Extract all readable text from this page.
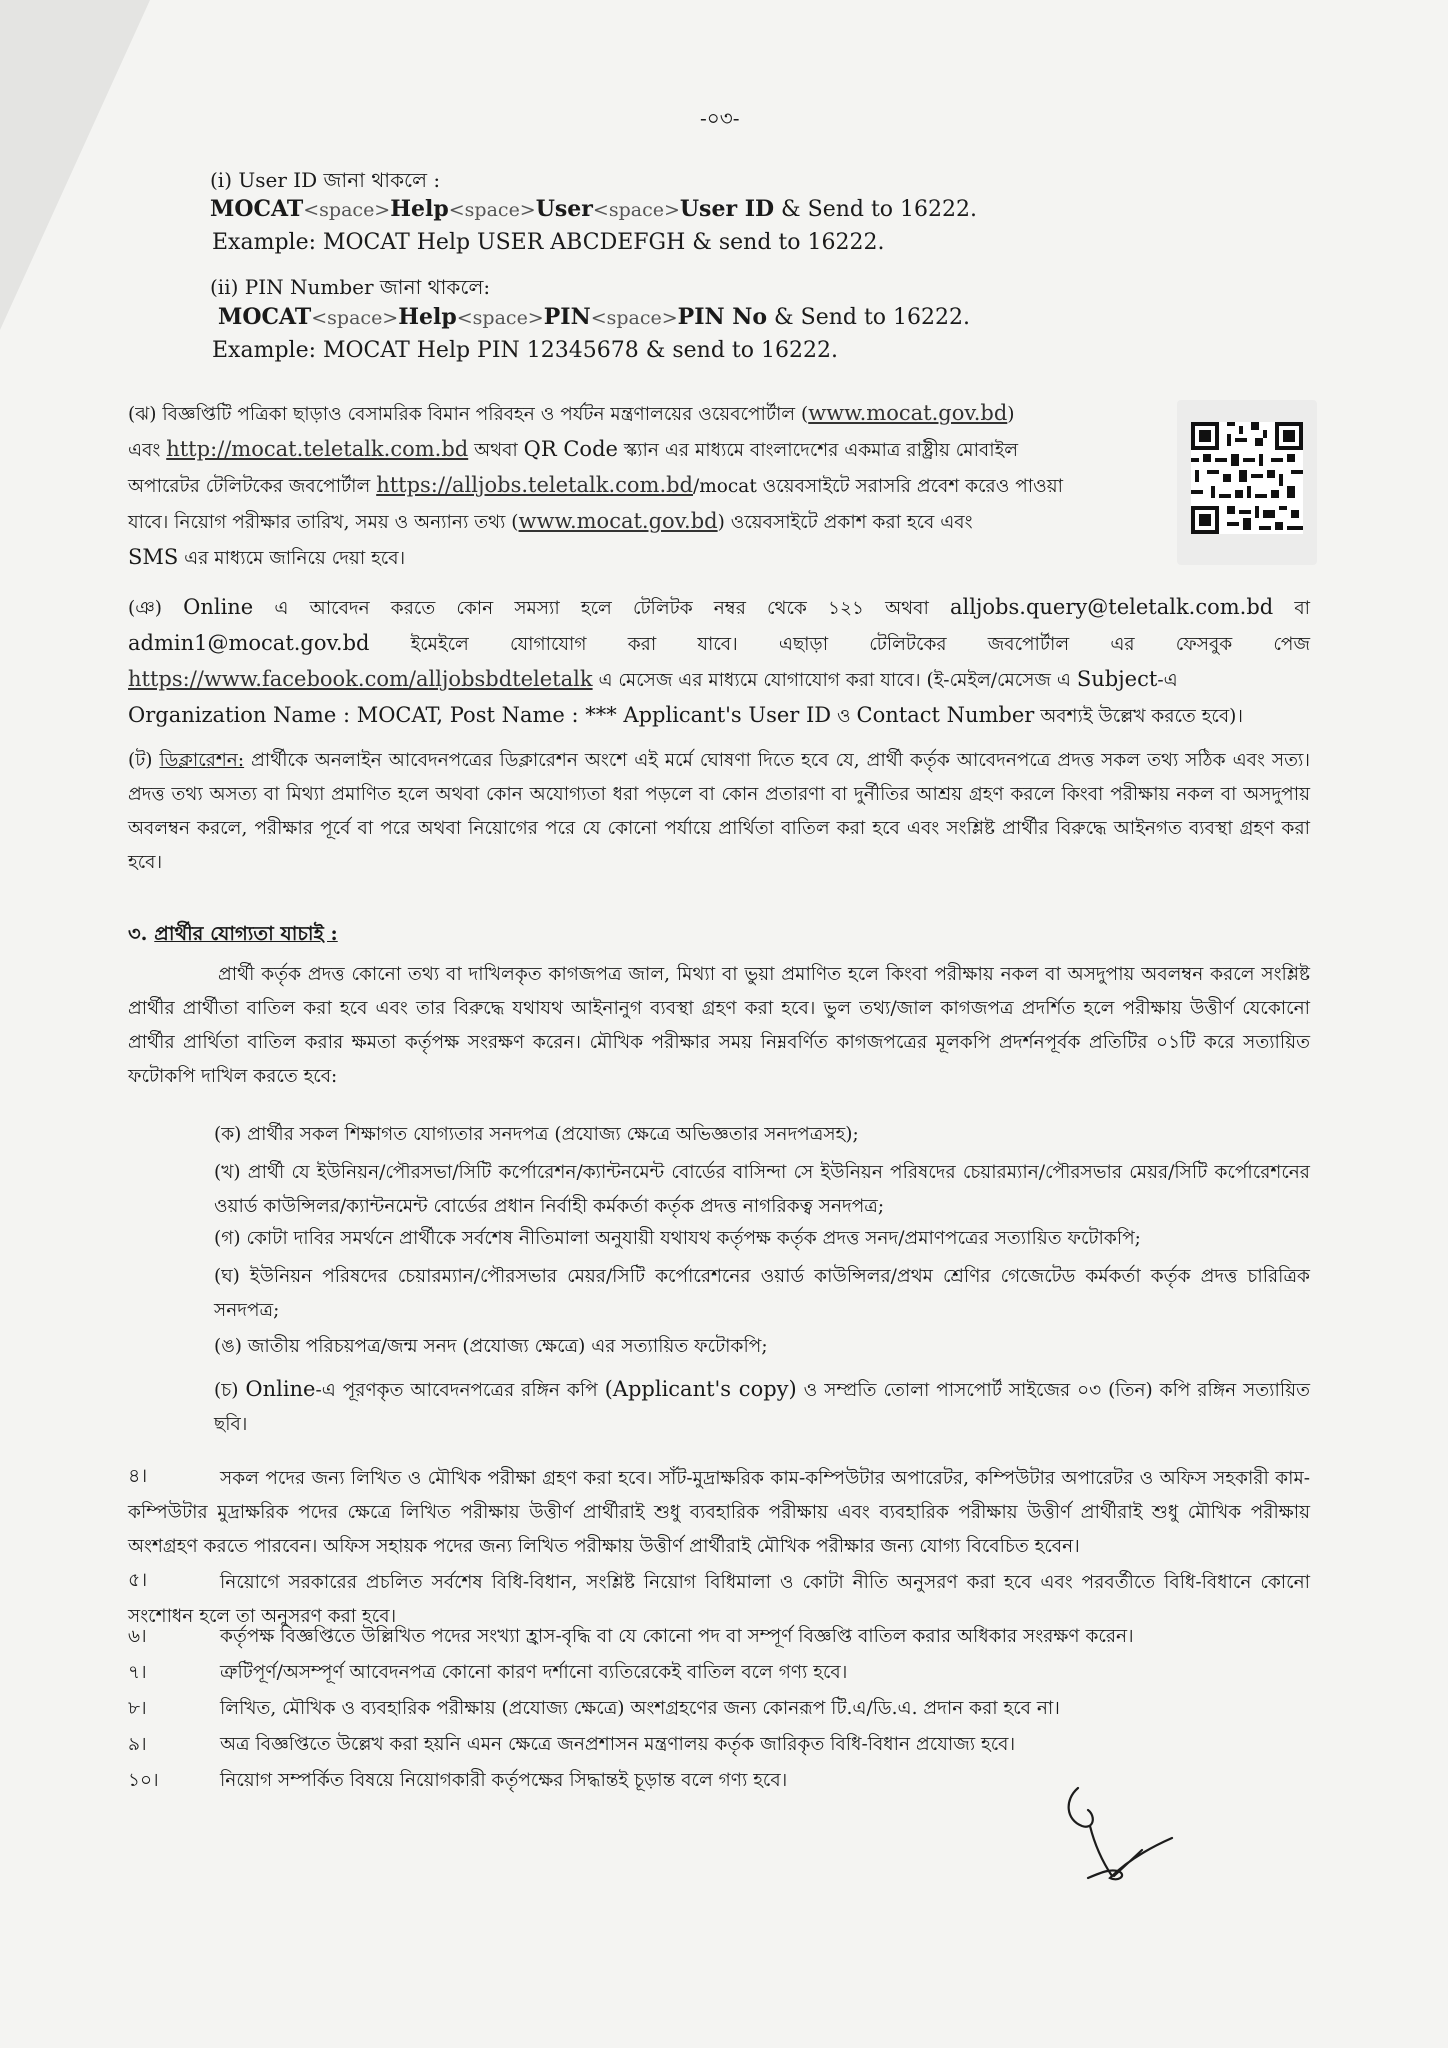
-০৩-
(i) User ID জানা থাকলে :
MOCAT<space>Help<space>User<space>User ID & Send to 16222.
Example: MOCAT Help USER ABCDEFGH & send to 16222.
(ii) PIN Number জানা থাকলে:
MOCAT<space>Help<space>PIN<space>PIN No & Send to 16222.
Example: MOCAT Help PIN 12345678 & send to 16222.
(ঝ) বিজ্ঞপ্তিটি পত্রিকা ছাড়াও বেসামরিক বিমান পরিবহন ও পর্যটন মন্ত্রণালয়ের ওয়েবপোর্টাল (www.mocat.gov.bd)
এবং http://mocat.teletalk.com.bd অথবা QR Code স্ক্যান এর মাধ্যমে বাংলাদেশের একমাত্র রাষ্ট্রীয় মোবাইল
অপারেটর টেলিটকের জবপোর্টাল https://alljobs.teletalk.com.bd/mocat ওয়েবসাইটে সরাসরি প্রবেশ করেও পাওয়া
যাবে। নিয়োগ পরীক্ষার তারিখ, সময় ও অন্যান্য তথ্য (www.mocat.gov.bd) ওয়েবসাইটে প্রকাশ করা হবে এবং
SMS এর মাধ্যমে জানিয়ে দেয়া হবে।
(ঞ) Online এ আবেদন করতে কোন সমস্যা হলে টেলিটক নম্বর থেকে ১২১ অথবা alljobs.query@teletalk.com.bd বা
admin1@mocat.gov.bd ইমেইলে যোগাযোগ করা যাবে। এছাড়া টেলিটকের জবপোর্টাল এর ফেসবুক পেজ
https://www.facebook.com/alljobsbdteletalk এ মেসেজ এর মাধ্যমে যোগাযোগ করা যাবে। (ই-মেইল/মেসেজ এ Subject-এ
Organization Name : MOCAT, Post Name : *** Applicant's User ID ও Contact Number অবশ্যই উল্লেখ করতে হবে)।
(ট) ডিক্লারেশন: প্রার্থীকে অনলাইন আবেদনপত্রের ডিক্লারেশন অংশে এই মর্মে ঘোষণা দিতে হবে যে, প্রার্থী কর্তৃক আবেদনপত্রে প্রদত্ত সকল তথ্য সঠিক এবং সত্য। প্রদত্ত তথ্য অসত্য বা মিথ্যা প্রমাণিত হলে অথবা কোন অযোগ্যতা ধরা পড়লে বা কোন প্রতারণা বা দুর্নীতির আশ্রয় গ্রহণ করলে কিংবা পরীক্ষায় নকল বা অসদুপায় অবলম্বন করলে, পরীক্ষার পূর্বে বা পরে অথবা নিয়োগের পরে যে কোনো পর্যায়ে প্রার্থিতা বাতিল করা হবে এবং সংশ্লিষ্ট প্রার্থীর বিরুদ্ধে আইনগত ব্যবস্থা গ্রহণ করা হবে।
৩. প্রার্থীর যোগ্যতা যাচাই :
প্রার্থী কর্তৃক প্রদত্ত কোনো তথ্য বা দাখিলকৃত কাগজপত্র জাল, মিথ্যা বা ভুয়া প্রমাণিত হলে কিংবা পরীক্ষায় নকল বা অসদুপায় অবলম্বন করলে সংশ্লিষ্ট প্রার্থীর প্রার্থীতা বাতিল করা হবে এবং তার বিরুদ্ধে যথাযথ আইনানুগ ব্যবস্থা গ্রহণ করা হবে। ভুল তথ্য/জাল কাগজপত্র প্রদর্শিত হলে পরীক্ষায় উত্তীর্ণ যেকোনো প্রার্থীর প্রার্থিতা বাতিল করার ক্ষমতা কর্তৃপক্ষ সংরক্ষণ করেন। মৌখিক পরীক্ষার সময় নিম্নবর্ণিত কাগজপত্রের মূলকপি প্রদর্শনপূর্বক প্রতিটির ০১টি করে সত্যায়িত ফটোকপি দাখিল করতে হবে:
(ক) প্রার্থীর সকল শিক্ষাগত যোগ্যতার সনদপত্র (প্রযোজ্য ক্ষেত্রে অভিজ্ঞতার সনদপত্রসহ);
(খ) প্রার্থী যে ইউনিয়ন/পৌরসভা/সিটি কর্পোরেশন/ক্যান্টনমেন্ট বোর্ডের বাসিন্দা সে ইউনিয়ন পরিষদের চেয়ারম্যান/পৌরসভার মেয়র/সিটি কর্পোরেশনের ওয়ার্ড কাউন্সিলর/ক্যান্টনমেন্ট বোর্ডের প্রধান নির্বাহী কর্মকর্তা কর্তৃক প্রদত্ত নাগরিকত্ব সনদপত্র;
(গ) কোটা দাবির সমর্থনে প্রার্থীকে সর্বশেষ নীতিমালা অনুযায়ী যথাযথ কর্তৃপক্ষ কর্তৃক প্রদত্ত সনদ/প্রমাণপত্রের সত্যায়িত ফটোকপি;
(ঘ) ইউনিয়ন পরিষদের চেয়ারম্যান/পৌরসভার মেয়র/সিটি কর্পোরেশনের ওয়ার্ড কাউন্সিলর/প্রথম শ্রেণির গেজেটেড কর্মকর্তা কর্তৃক প্রদত্ত চারিত্রিক সনদপত্র;
(ঙ) জাতীয় পরিচয়পত্র/জন্ম সনদ (প্রযোজ্য ক্ষেত্রে) এর সত্যায়িত ফটোকপি;
(চ) Online-এ পূরণকৃত আবেদনপত্রের রঙ্গিন কপি (Applicant's copy) ও সম্প্রতি তোলা পাসপোর্ট সাইজের ০৩ (তিন) কপি রঙ্গিন সত্যায়িত ছবি।
৪।	সকল পদের জন্য লিখিত ও মৌখিক পরীক্ষা গ্রহণ করা হবে। সাঁট-মুদ্রাক্ষরিক কাম-কম্পিউটার অপারেটর, কম্পিউটার অপারেটর ও অফিস সহকারী কাম-কম্পিউটার মুদ্রাক্ষরিক পদের ক্ষেত্রে লিখিত পরীক্ষায় উত্তীর্ণ প্রার্থীরাই শুধু ব্যবহারিক পরীক্ষায় এবং ব্যবহারিক পরীক্ষায় উত্তীর্ণ প্রার্থীরাই শুধু মৌখিক পরীক্ষায় অংশগ্রহণ করতে পারবেন। অফিস সহায়ক পদের জন্য লিখিত পরীক্ষায় উত্তীর্ণ প্রার্থীরাই মৌখিক পরীক্ষার জন্য যোগ্য বিবেচিত হবেন।
৫।	নিয়োগে সরকারের প্রচলিত সর্বশেষ বিধি-বিধান, সংশ্লিষ্ট নিয়োগ বিধিমালা ও কোটা নীতি অনুসরণ করা হবে এবং পরবর্তীতে বিধি-বিধানে কোনো সংশোধন হলে তা অনুসরণ করা হবে।
৬।	কর্তৃপক্ষ বিজ্ঞপ্তিতে উল্লিখিত পদের সংখ্যা হ্রাস-বৃদ্ধি বা যে কোনো পদ বা সম্পূর্ণ বিজ্ঞপ্তি বাতিল করার অধিকার সংরক্ষণ করেন।
৭।	ত্রুটিপূর্ণ/অসম্পূর্ণ আবেদনপত্র কোনো কারণ দর্শানো ব্যতিরেকেই বাতিল বলে গণ্য হবে।
৮।	লিখিত, মৌখিক ও ব্যবহারিক পরীক্ষায় (প্রযোজ্য ক্ষেত্রে) অংশগ্রহণের জন্য কোনরূপ টি.এ/ডি.এ. প্রদান করা হবে না।
৯।	অত্র বিজ্ঞপ্তিতে উল্লেখ করা হয়নি এমন ক্ষেত্রে জনপ্রশাসন মন্ত্রণালয় কর্তৃক জারিকৃত বিধি-বিধান প্রযোজ্য হবে।
১০।	নিয়োগ সম্পর্কিত বিষয়ে নিয়োগকারী কর্তৃপক্ষের সিদ্ধান্তই চূড়ান্ত বলে গণ্য হবে।
